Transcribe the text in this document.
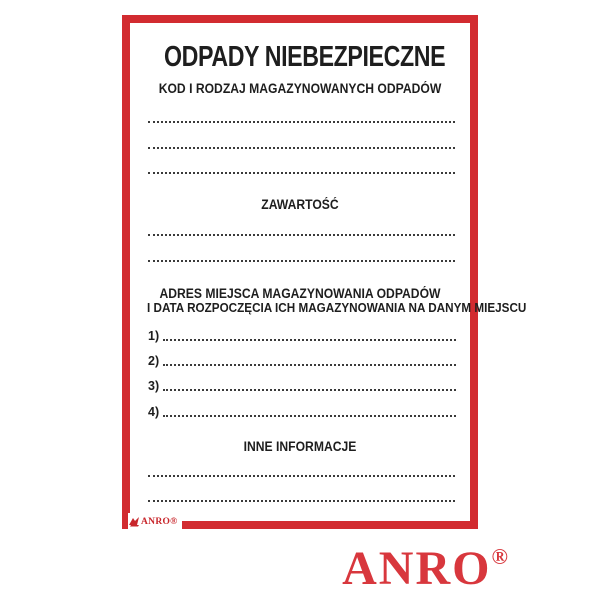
ODPADY NIEBEZPIECZNE
KOD I RODZAJ MAGAZYNOWANYCH ODPADÓW
ZAWARTOŚĆ
ADRES MIEJSCA MAGAZYNOWANIA ODPADÓW
I DATA ROZPOCZĘCIA ICH MAGAZYNOWANIA NA DANYM MIEJSCU
1)
2)
3)
4)
INNE INFORMACJE
ANRO®
ANRO®
